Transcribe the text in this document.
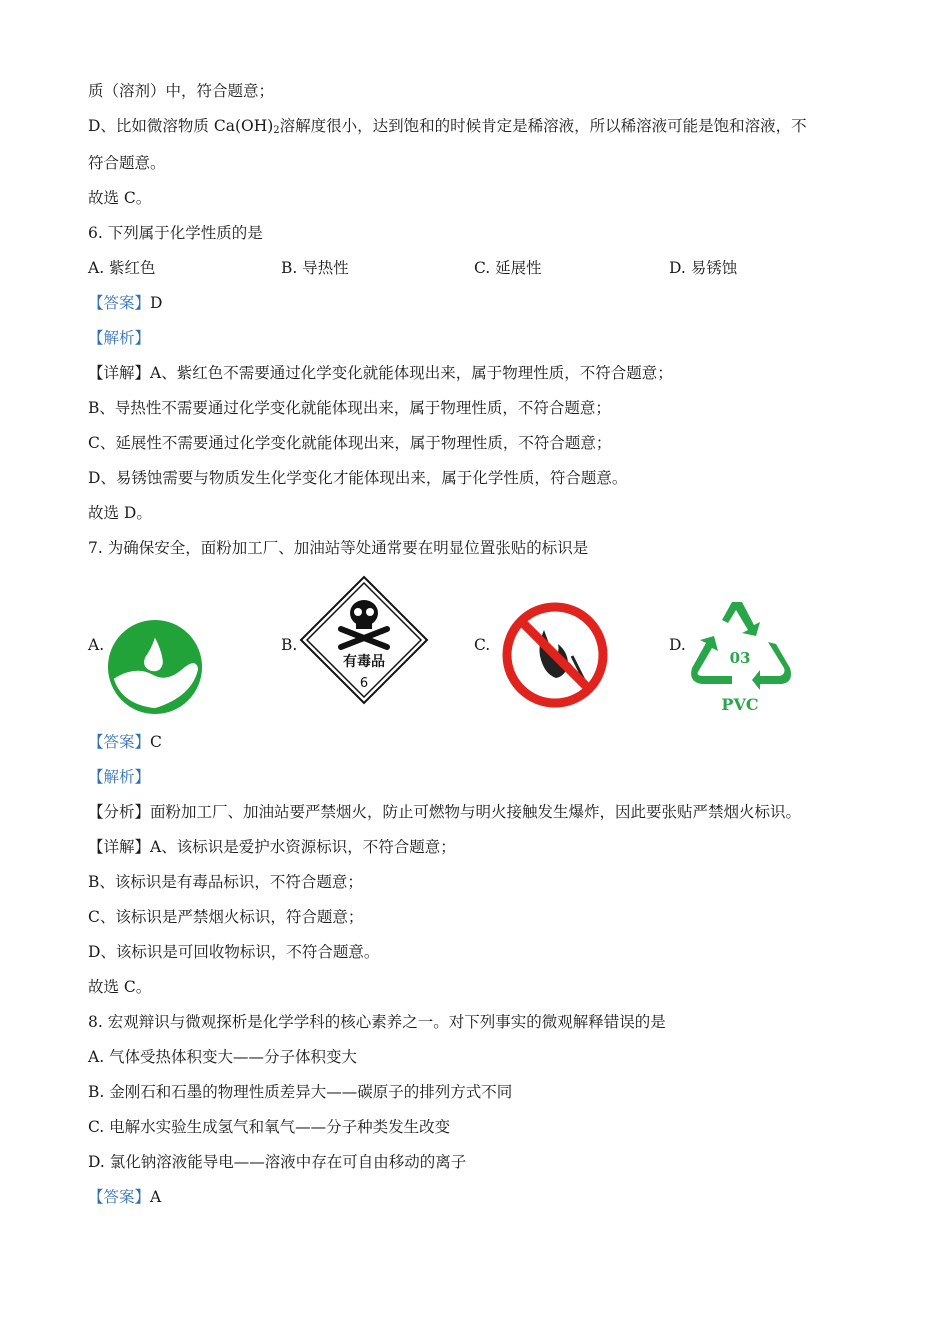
质（溶剂）中，符合题意；
D、比如微溶物质 $Ca(OH)_2$溶解度很小，达到饱和的时候肯定是稀溶液，所以稀溶液可能是饱和溶液，不
符合题意。
故选 C。
6. 下列属于化学性质的是
A. 紫红色	B. 导热性	C. 延展性	D. 易锈蚀
【答案】D
【解析】
【详解】A、紫红色不需要通过化学变化就能体现出来，属于物理性质，不符合题意；
B、导热性不需要通过化学变化就能体现出来，属于物理性质，不符合题意；
C、延展性不需要通过化学变化就能体现出来，属于物理性质，不符合题意；
D、易锈蚀需要与物质发生化学变化才能体现出来，属于化学性质，符合题意。
故选 D。
7. 为确保安全，面粉加工厂、加油站等处通常要在明显位置张贴的标识是
A.	B.
有毒品
6
C.	D.
03
PVC
【答案】C
【解析】
【分析】面粉加工厂、加油站要严禁烟火，防止可燃物与明火接触发生爆炸，因此要张贴严禁烟火标识。
【详解】A、该标识是爱护水资源标识，不符合题意；
B、该标识是有毒品标识，不符合题意；
C、该标识是严禁烟火标识，符合题意；
D、该标识是可回收物标识，不符合题意。
故选 C。
8. 宏观辩识与微观探析是化学学科的核心素养之一。对下列事实的微观解释错误的是
A. 气体受热体积变大——分子体积变大
B. 金刚石和石墨的物理性质差异大——碳原子的排列方式不同
C. 电解水实验生成氢气和氧气——分子种类发生改变
D. 氯化钠溶液能导电——溶液中存在可自由移动的离子
【答案】A
